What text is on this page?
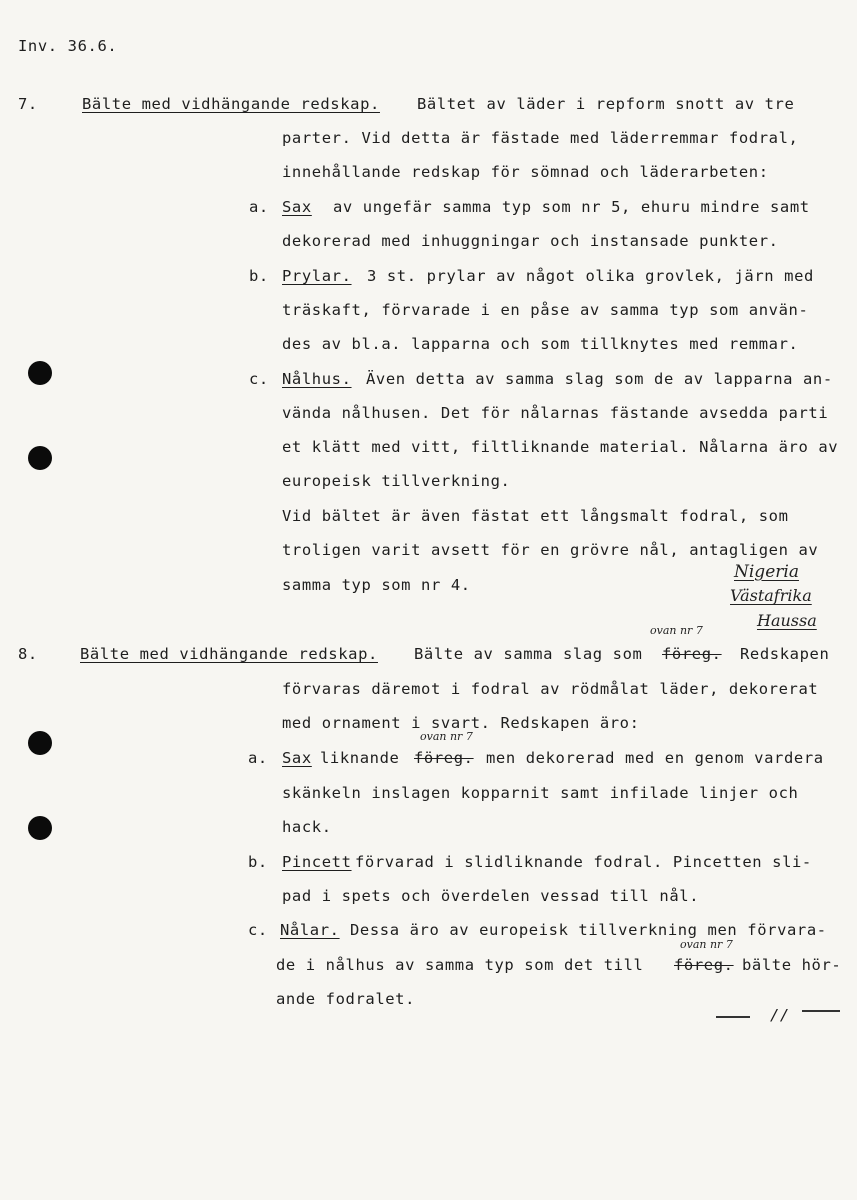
Inv. 36.6.
7.	Bälte med vidhängande redskap. Bältet av läder i repform snott av tre
parter. Vid detta är fästade med läderremmar fodral,
innehållande redskap för sömnad och läderarbeten:
a. Sax av ungefär samma typ som nr 5, ehuru mindre samt
dekorerad med inhuggningar och instansade punkter.
b. Prylar. 3 st. prylar av något olika grovlek, järn med
träskaft, förvarade i en påse av samma typ som använ-
des av bl.a. lapparna och som tillknytes med remmar.
c. Nålhus. Även detta av samma slag som de av lapparna an-
vända nålhusen. Det för nålarnas fästande avsedda parti
et klätt med vitt, filtliknande material. Nålarna äro av
europeisk tillverkning.
Vid bältet är även fästat ett långsmalt fodral, som
troligen varit avsett för en grövre nål, antagligen av
samma typ som nr 4.
Nigeria
Västafrika
Haussa
8.	Bälte med vidhängande redskap. Bälte av samma slag som
ovan nr 7
föreg. Redskapen
förvaras däremot i fodral av rödmålat läder, dekorerat
med ornament i svart. Redskapen äro:
a. Sax liknande
ovan nr 7
föreg. men dekorerad med en genom vardera
skänkeln inslagen kopparnit samt infilade linjer och
hack.
b. Pincett förvarad i slidliknande fodral. Pincetten sli-
pad i spets och överdelen vessad till nål.
c. Nålar. Dessa äro av europeisk tillverkning men förvara-
de i nålhus av samma typ som det till
ovan nr 7
föreg. bälte hör-
ande fodralet.
//
